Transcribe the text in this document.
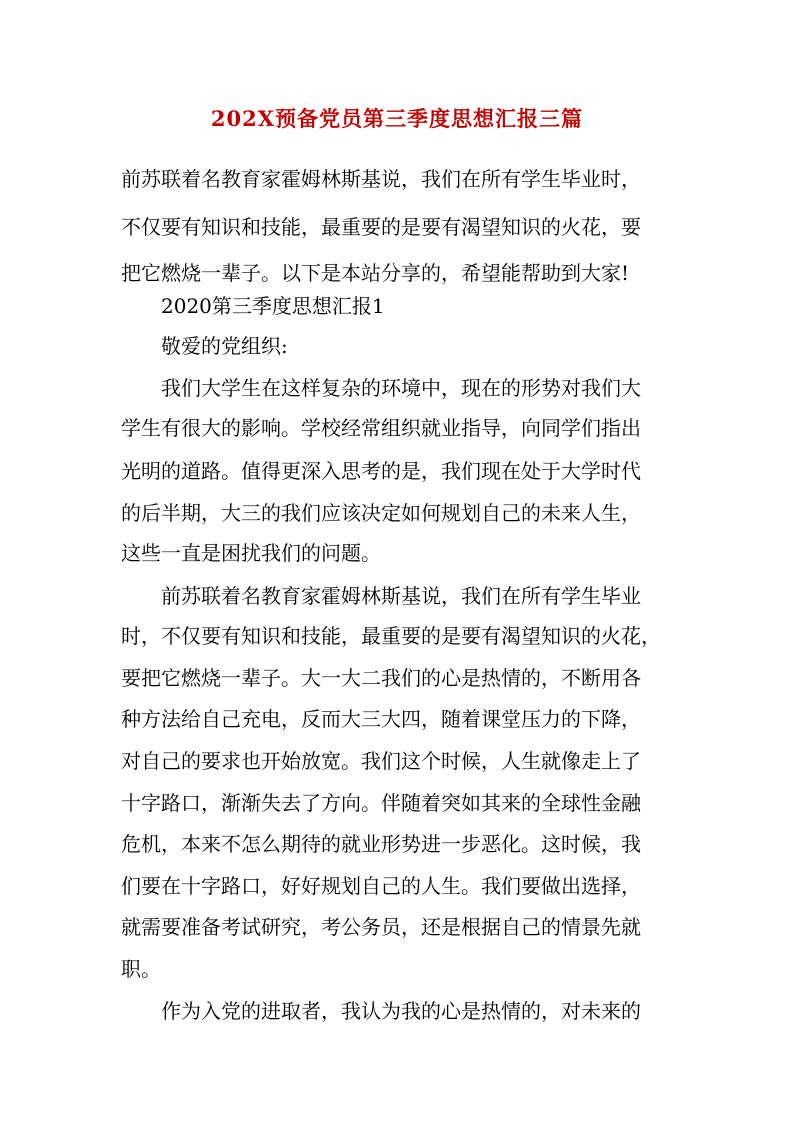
202X预备党员第三季度思想汇报三篇

前苏联着名教育家霍姆林斯基说，我们在所有学生毕业时，

不仅要有知识和技能，最重要的是要有渴望知识的火花，要

把它燃烧一辈子。以下是本站分享的，希望能帮助到大家!

2020第三季度思想汇报1

敬爱的党组织:

我们大学生在这样复杂的环境中，现在的形势对我们大

学生有很大的影响。学校经常组织就业指导，向同学们指出

光明的道路。值得更深入思考的是，我们现在处于大学时代

的后半期，大三的我们应该决定如何规划自己的未来人生，

这些一直是困扰我们的问题。

前苏联着名教育家霍姆林斯基说，我们在所有学生毕业

时，不仅要有知识和技能，最重要的是要有渴望知识的火花，

要把它燃烧一辈子。大一大二我们的心是热情的，不断用各

种方法给自己充电，反而大三大四，随着课堂压力的下降，

对自己的要求也开始放宽。我们这个时候，人生就像走上了

十字路口，渐渐失去了方向。伴随着突如其来的全球性金融

危机，本来不怎么期待的就业形势进一步恶化。这时候，我

们要在十字路口，好好规划自己的人生。我们要做出选择，

就需要准备考试研究，考公务员，还是根据自己的情景先就

职。

作为入党的进取者，我认为我的心是热情的，对未来的
